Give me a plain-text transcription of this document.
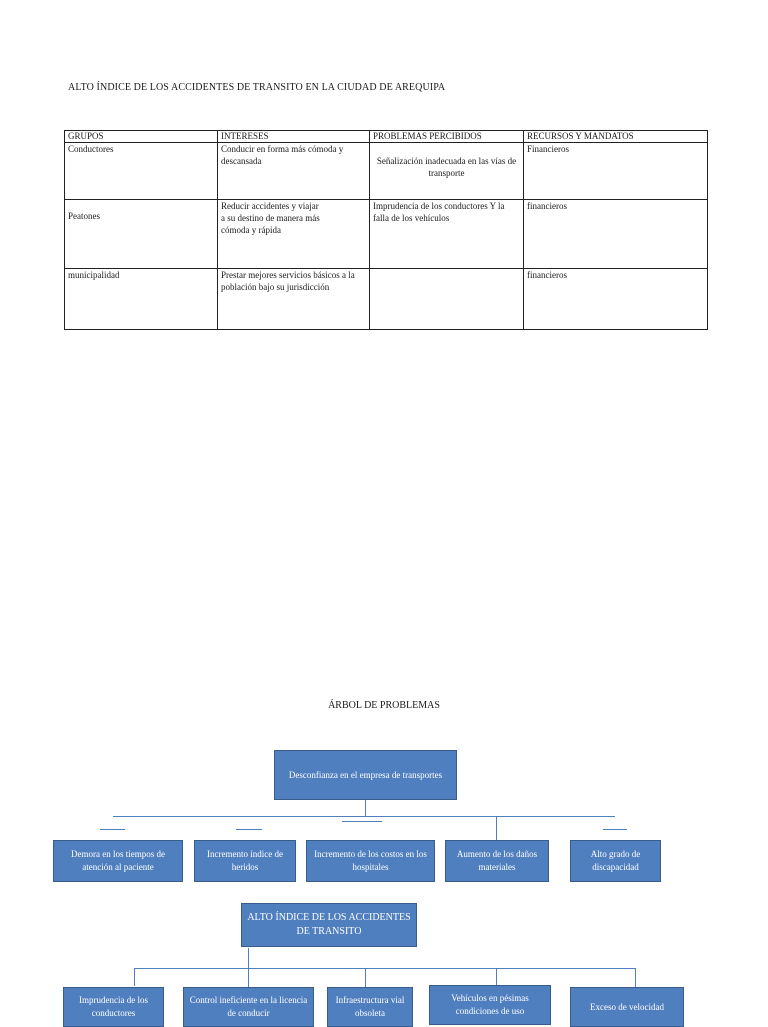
ALTO ÍNDICE DE LOS ACCIDENTES DE TRANSITO EN LA CIUDAD DE AREQUIPA
GRUPOS	INTERESES	PROBLEMAS PERCIBIDOS	RECURSOS Y MANDATOS
Conductores	Conducir en forma más cómoda y descansada	Señalización inadecuada en las vías de transporte	Financieros

Peatones	Reducir accidentes y viajar a su destino de manera más cómoda y rápida	Imprudencia de los conductores Y la falla de los vehículos	financieros
municipalidad	Prestar mejores servicios básicos a la población bajo su jurisdicción		financieros
ÁRBOL DE PROBLEMAS
Desconfianza en el empresa de transportes
Demora en los tiempos de atención al paciente
Incremento índice de heridos
Incremento de los costos en los hospitales
Aumento de los daños materiales
Alto grado de discapacidad
ALTO ÍNDICE DE LOS ACCIDENTES DE TRANSITO
Imprudencia de los conductores
Control ineficiente en la licencia de conducir
Infraestructura vial obsoleta
Vehículos en pésimas condiciones de uso	Exceso de velocidad
